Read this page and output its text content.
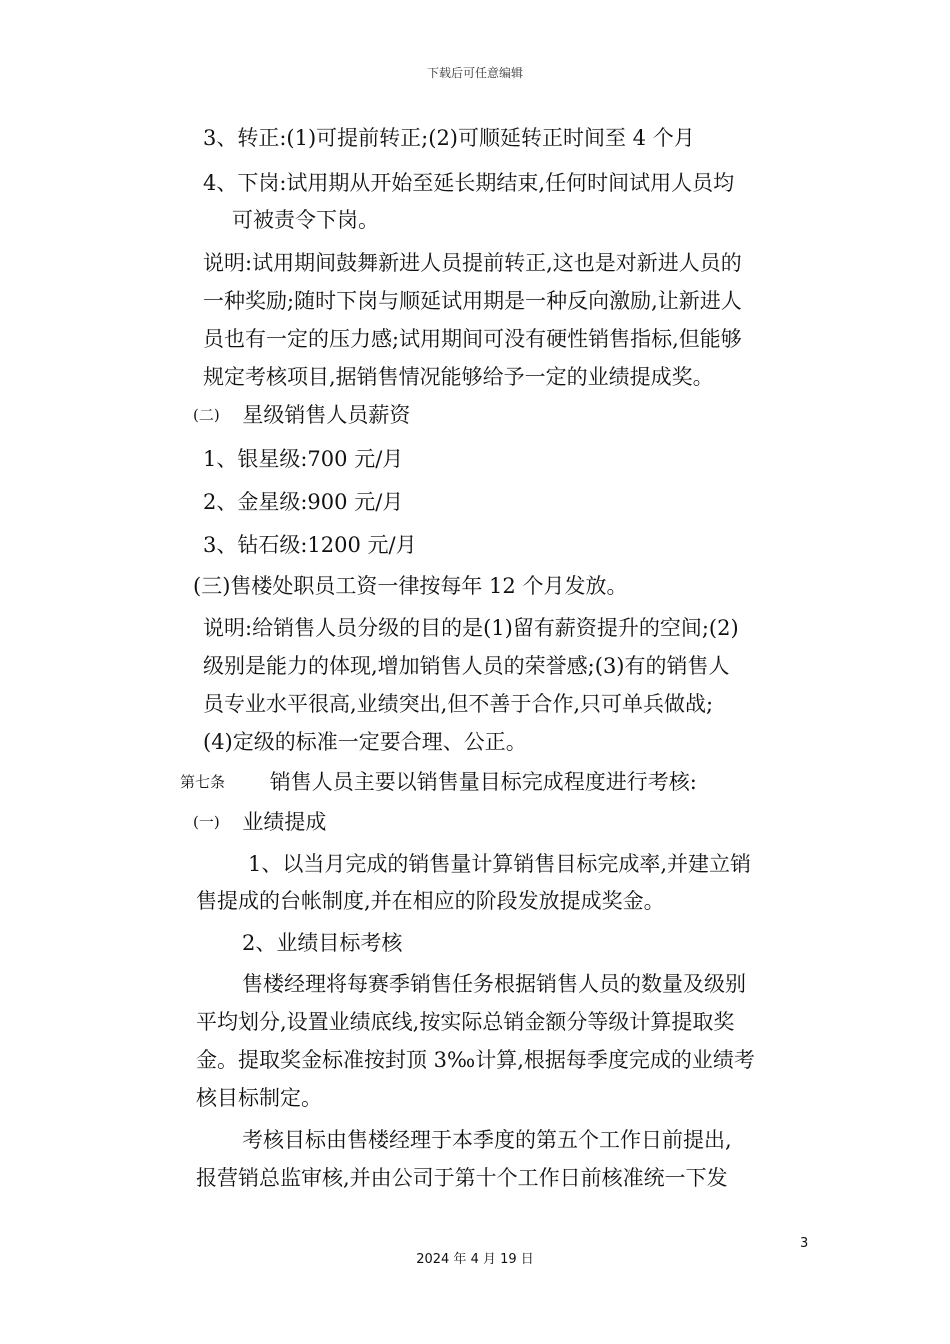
下载后可任意编辑
3、转正:(1)可提前转正;(2)可顺延转正时间至 4 个月
4、下岗:试用期从开始至延长期结束,任何时间试用人员均
可被责令下岗。
说明:试用期间鼓舞新进人员提前转正,这也是对新进人员的
一种奖励;随时下岗与顺延试用期是一种反向激励,让新进人
员也有一定的压力感;试用期间可没有硬性销售指标,但能够
规定考核项目,据销售情况能够给予一定的业绩提成奖。
(二) 星级销售人员薪资
1、银星级:700 元/月
2、金星级:900 元/月
3、钻石级:1200 元/月
(三)售楼处职员工资一律按每年 12 个月发放。
说明:给销售人员分级的目的是(1)留有薪资提升的空间;(2)
级别是能力的体现,增加销售人员的荣誉感;(3)有的销售人
员专业水平很高,业绩突出,但不善于合作,只可单兵做战;
(4)定级的标准一定要合理、公正。
第七条 销售人员主要以销售量目标完成程度进行考核:
(一) 业绩提成
1、以当月完成的销售量计算销售目标完成率,并建立销
售提成的台帐制度,并在相应的阶段发放提成奖金。
2、业绩目标考核
售楼经理将每赛季销售任务根据销售人员的数量及级别
平均划分,设置业绩底线,按实际总销金额分等级计算提取奖
金。提取奖金标准按封顶 3‰计算,根据每季度完成的业绩考
核目标制定。
考核目标由售楼经理于本季度的第五个工作日前提出,
报营销总监审核,并由公司于第十个工作日前核准统一下发
3
2024 年 4 月 19 日
